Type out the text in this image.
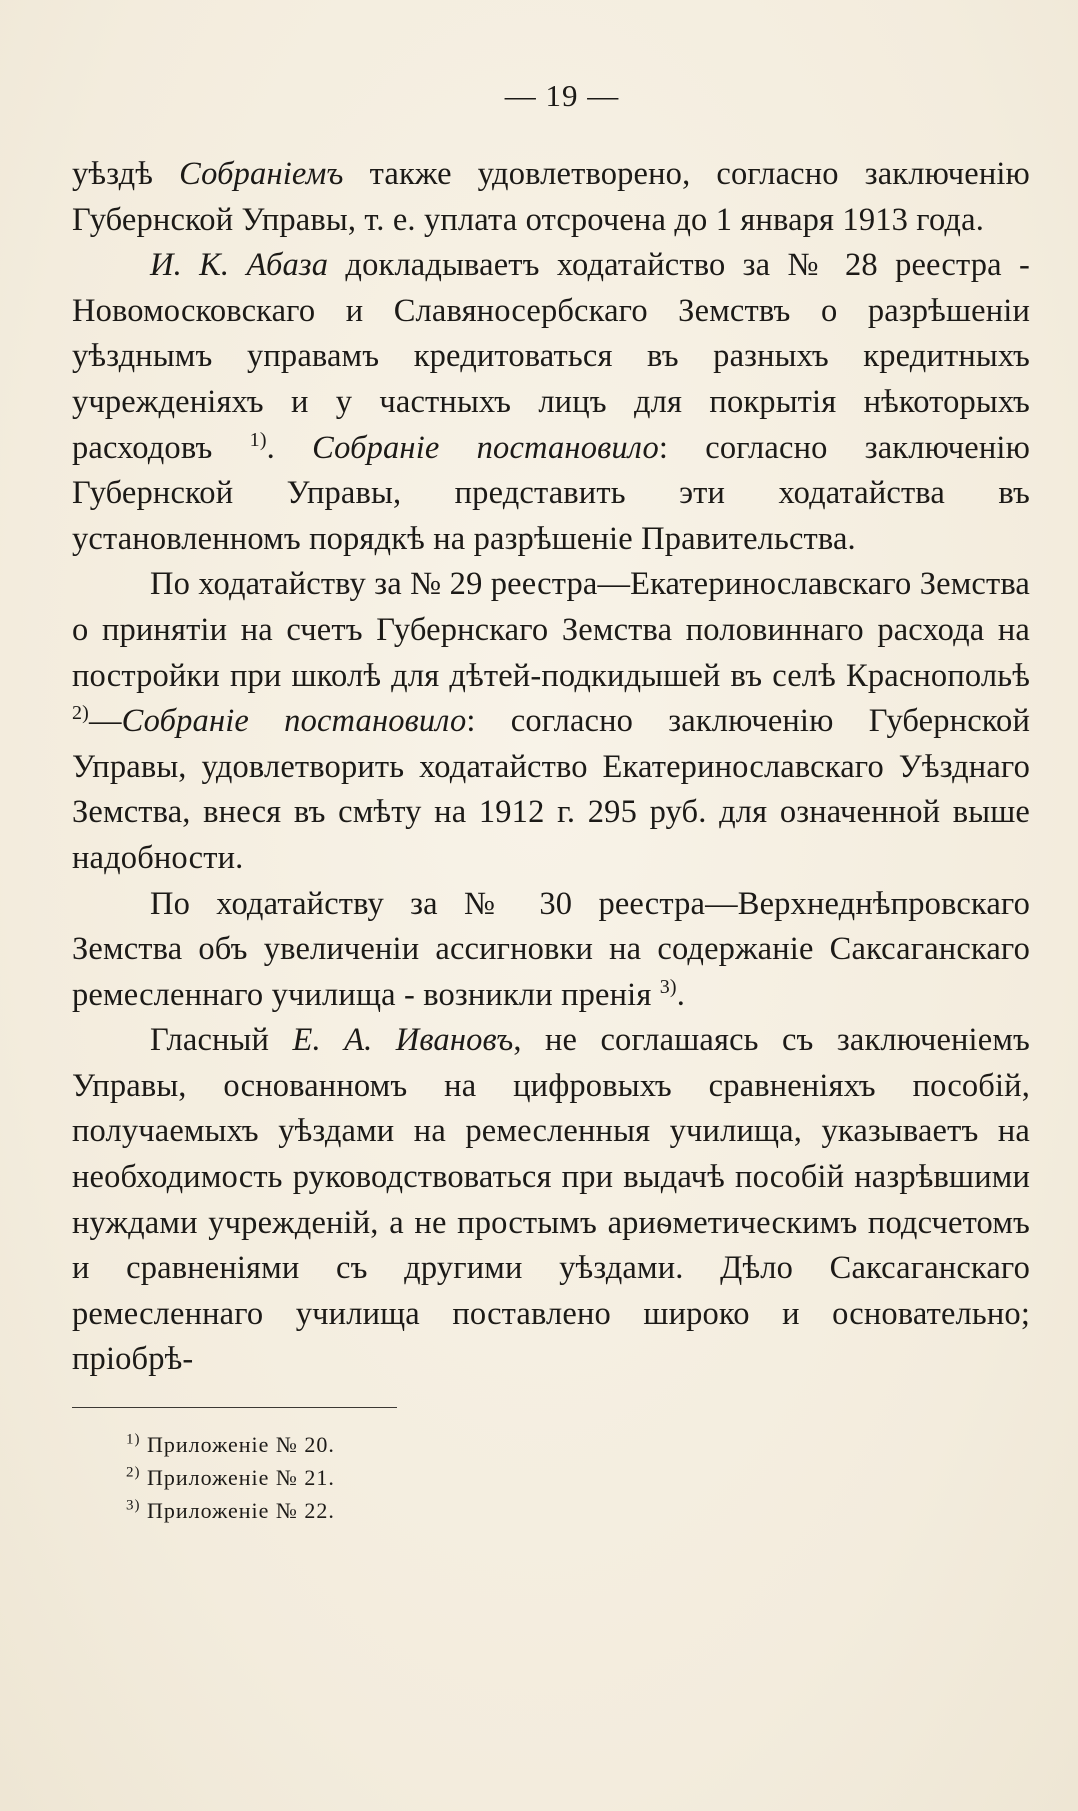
— 19 —

уѣздѣ Собраніемъ также удовлетворено, согласно заключенію Губернской Управы, т. е. уплата отсрочена до 1 января 1913 года.

И. К. Абаза докладываетъ ходатайство за № 28 реестра - Новомосковскаго и Славяносербскаго Земствъ о разрѣшеніи уѣзднымъ управамъ кредитоваться въ разныхъ кредитныхъ учрежденіяхъ и у частныхъ лицъ для покрытія нѣкоторыхъ расходовъ $^{1)}$. Собраніе постановило: согласно заключенію Губернской Управы, представить эти ходатайства въ установленномъ порядкѣ на разрѣшеніе Правительства.

По ходатайству за № 29 реестра—Екатеринославскаго Земства о принятіи на счетъ Губернскаго Земства половиннаго расхода на постройки при школѣ для дѣтей-подкидышей въ селѣ Краснопольѣ $^{2)}$—Собраніе постановило: согласно заключенію Губернской Управы, удовлетворить ходатайство Екатеринославскаго Уѣзднаго Земства, внеся въ смѣту на 1912 г. 295 руб. для означенной выше надобности.

По ходатайству за № 30 реестра—Верхнеднѣпровскаго Земства объ увеличеніи ассигновки на содержаніе Саксаганскаго ремесленнаго училища - возникли пренія $^{3)}$.

Гласный Е. А. Ивановъ, не соглашаясь съ заключеніемъ Управы, основанномъ на цифровыхъ сравненіяхъ пособій, получаемыхъ уѣздами на ремесленныя училища, указываетъ на необходимость руководствоваться при выдачѣ пособій назрѣвшими нуждами учрежденій, а не простымъ ариѳметическимъ подсчетомъ и сравненіями съ другими уѣздами. Дѣло Саксаганскаго ремесленнаго училища поставлено широко и основательно; пріобрѣ-

$^{1)}$ Приложеніе № 20.

$^{2)}$ Приложеніе № 21.

$^{3)}$ Приложеніе № 22.
